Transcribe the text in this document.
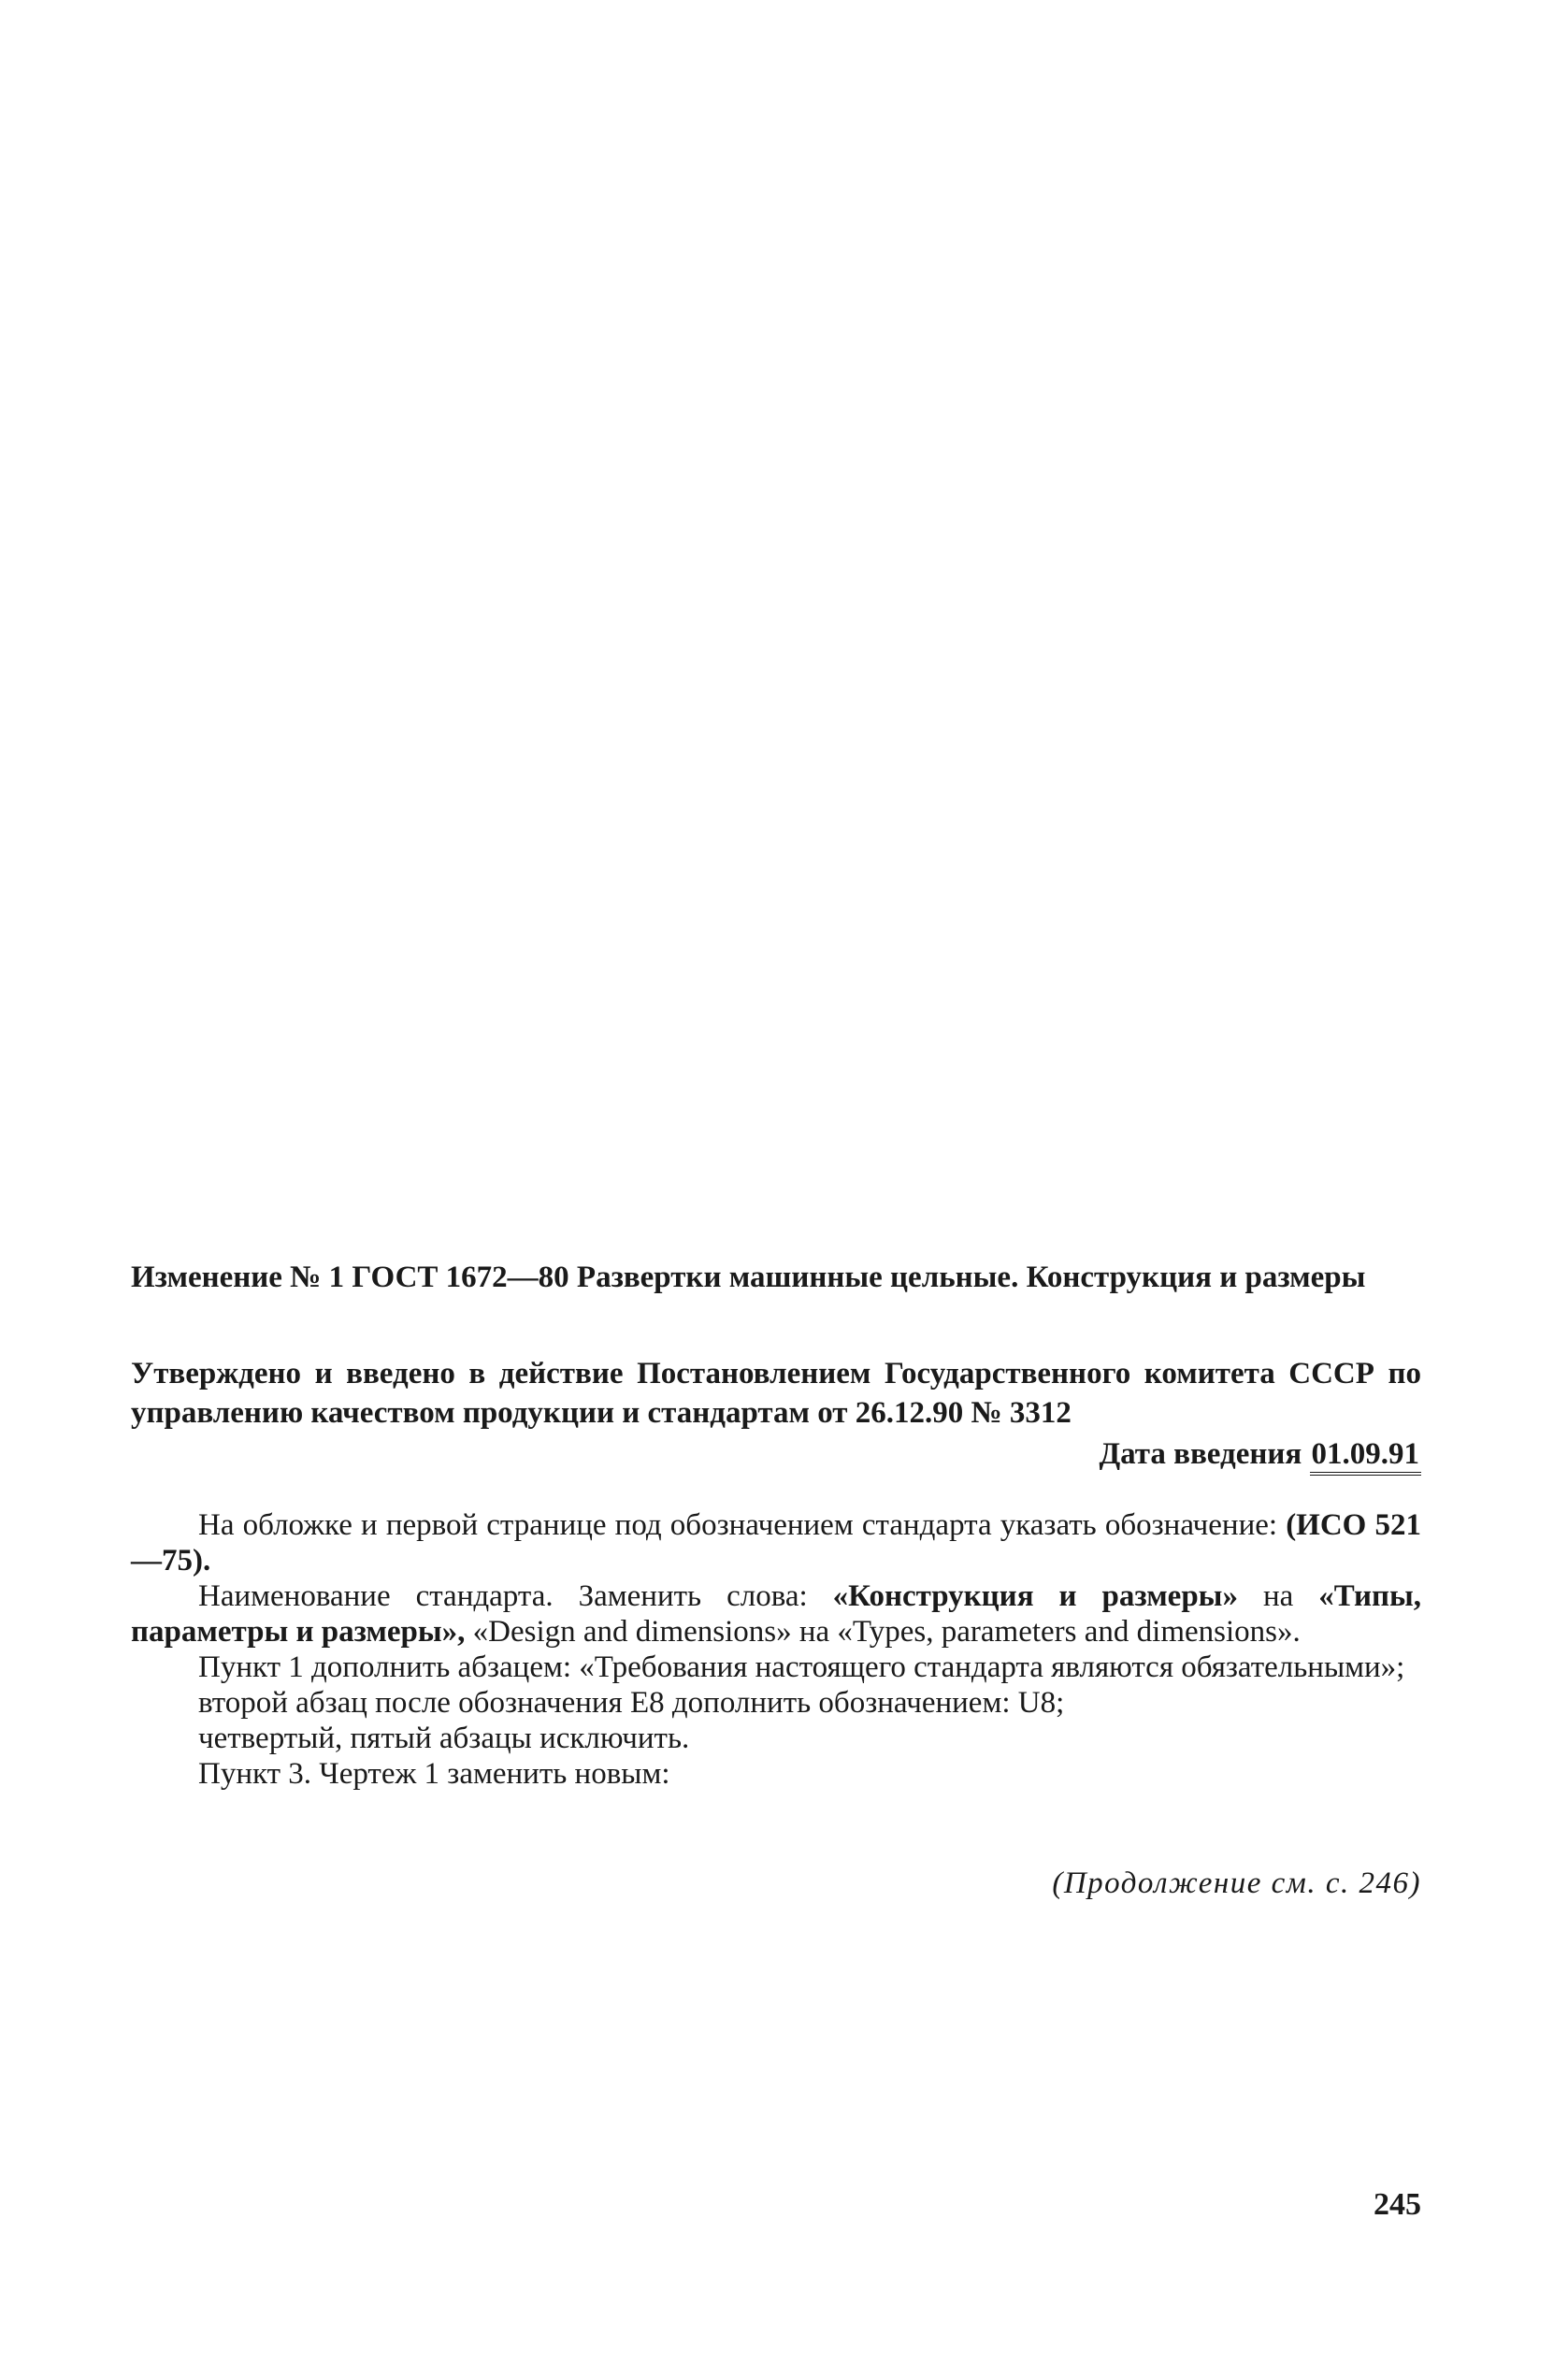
Изменение № 1 ГОСТ 1672—80 Развертки машинные цельные. Конструкция и размеры
Утверждено и введено в действие Постановлением Государственного комитета СССР по управлению качеством продукции и стандартам от 26.12.90 № 3312
Дата введения 01.09.91

На обложке и первой странице под обозначением стандарта указать обозначение: (ИСО 521—75).

Наименование стандарта. Заменить слова: «Конструкция и размеры» на «Типы, параметры и размеры», «Design and dimensions» на «Types, parameters and dimensions».

Пункт 1 дополнить абзацем: «Требования настоящего стандарта являются обязательными»;

второй абзац после обозначения E8 дополнить обозначением: U8;

четвертый, пятый абзацы исключить.

Пункт 3. Чертеж 1 заменить новым:

(Продолжение см. с. 246)
245
